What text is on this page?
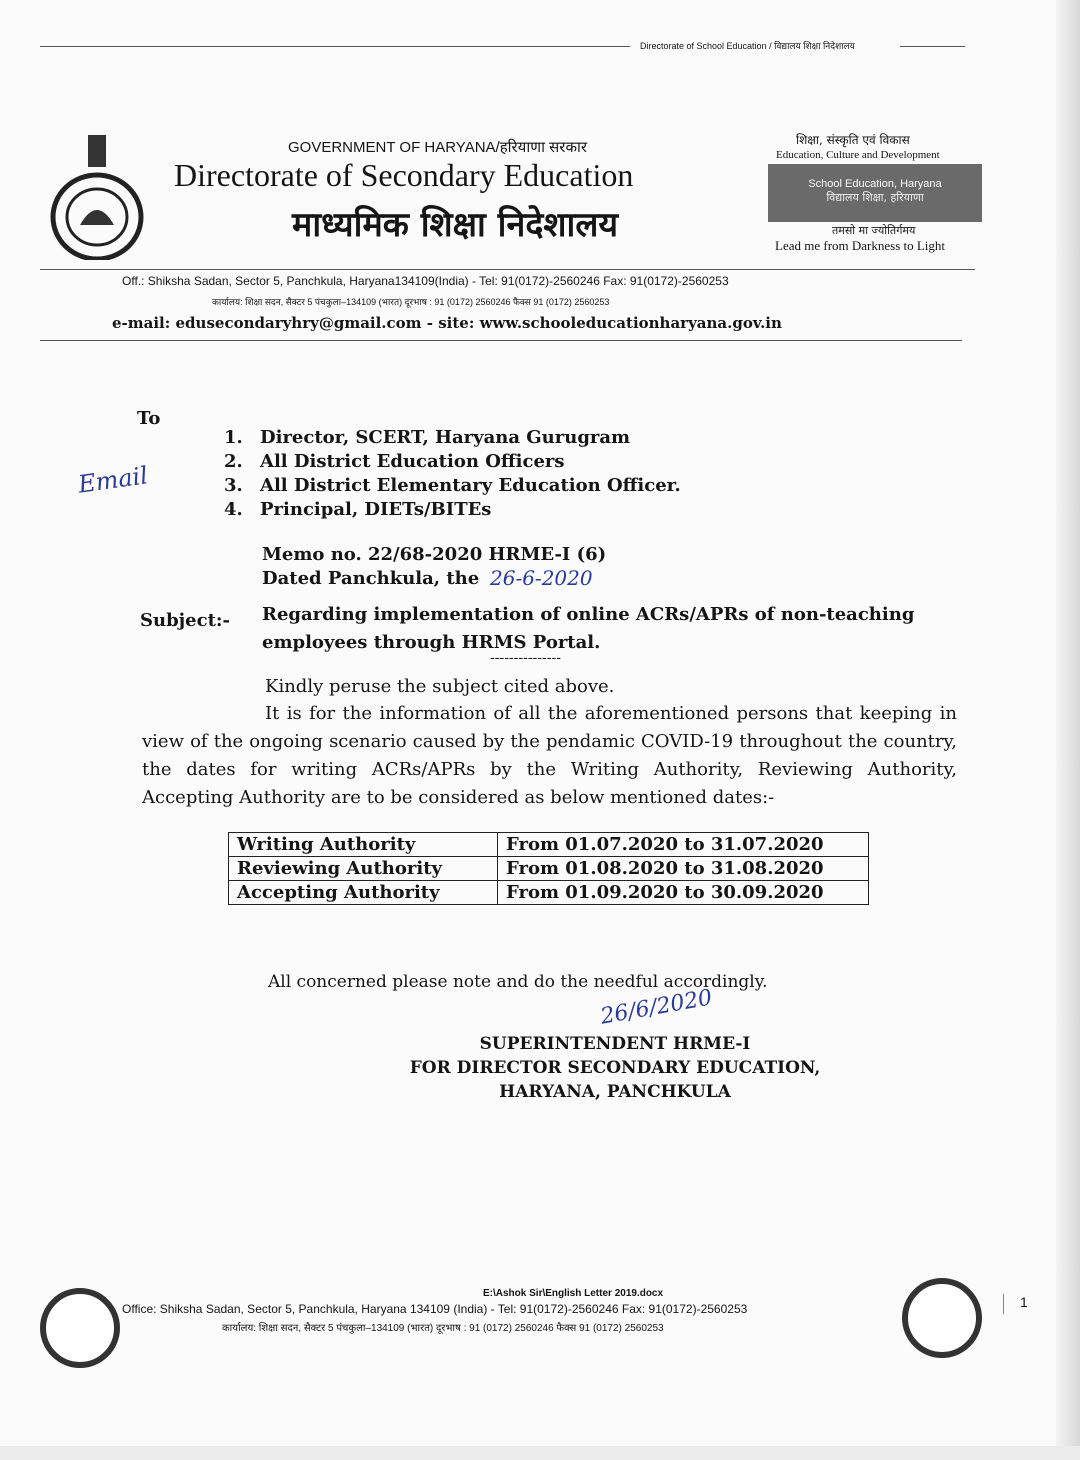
Directorate of School Education / विद्यालय शिक्षा निदेशालय
GOVERNMENT OF HARYANA/हरियाणा सरकार
Directorate of Secondary Education
माध्यमिक शिक्षा निदेशालय
शिक्षा, संस्कृति एवं विकास
Education, Culture and Development
School Education, Haryana
विद्यालय शिक्षा, हरियाणा
तमसो मा ज्योतिर्गमय
Lead me from Darkness to Light
Off.: Shiksha Sadan, Sector 5, Panchkula, Haryana134109(India) - Tel: 91(0172)-2560246 Fax: 91(0172)-2560253
कार्यालय: शिक्षा सदन, सैक्टर 5 पंचकुला–134109 (भारत) दूरभाष : 91 (0172) 2560246 फैक्स 91 (0172) 2560253
e-mail: edusecondaryhry@gmail.com - site: www.schooleducationharyana.gov.in
To
Email
1. Director, SCERT, Haryana Gurugram
2. All District Education Officers
3. All District Elementary Education Officer.
4. Principal, DIETs/BITEs
Memo no. 22/68-2020 HRME-I (6)
Dated Panchkula, the 26-6-2020
Subject:- Regarding implementation of online ACRs/APRs of non-teaching employees through HRMS Portal.
---------------
Kindly peruse the subject cited above.
It is for the information of all the aforementioned persons that keeping in view of the ongoing scenario caused by the pendamic COVID-19 throughout the country, the dates for writing ACRs/APRs by the Writing Authority, Reviewing Authority, Accepting Authority are to be considered as below mentioned dates:-
Writing Authority	From 01.07.2020 to 31.07.2020
Reviewing Authority	From 01.08.2020 to 31.08.2020
Accepting Authority	From 01.09.2020 to 30.09.2020
All concerned please note and do the needful accordingly.
26/6/2020
SUPERINTENDENT HRME-I
FOR DIRECTOR SECONDARY EDUCATION,
HARYANA, PANCHKULA
E:\Ashok Sir\English Letter 2019.docx
Office: Shiksha Sadan, Sector 5, Panchkula, Haryana 134109 (India) - Tel: 91(0172)-2560246 Fax: 91(0172)-2560253
कार्यालय: शिक्षा सदन, सैक्टर 5 पंचकुला–134109 (भारत) दूरभाष : 91 (0172) 2560246 फैक्स 91 (0172) 2560253
1
